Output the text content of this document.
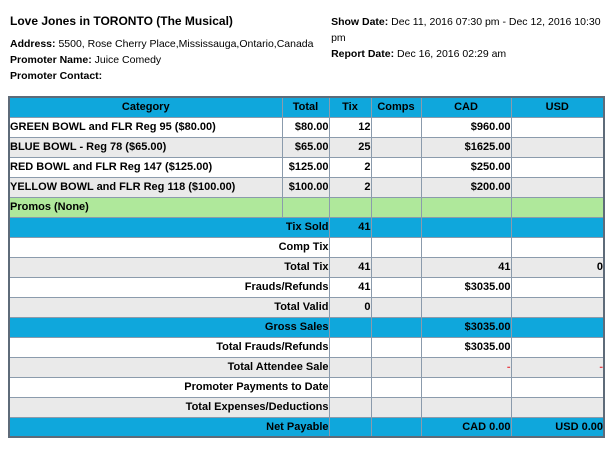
Love Jones in TORONTO (The Musical)
Address: 5500, Rose Cherry Place,Mississauga,Ontario,Canada
Promoter Name: Juice Comedy
Promoter Contact:
Show Date: Dec 11, 2016 07:30 pm - Dec 12, 2016 10:30 pm
Report Date: Dec 16, 2016 02:29 am
Category	Total	Tix	Comps	CAD	USD
GREEN BOWL and FLR Reg 95 ($80.00)	$80.00	12		$960.00	
BLUE BOWL - Reg 78 ($65.00)	$65.00	25		$1625.00	
RED BOWL and FLR Reg 147 ($125.00)	$125.00	2		$250.00	
YELLOW BOWL and FLR Reg 118 ($100.00)	$100.00	2		$200.00	
Promos (None)					
Tix Sold		41			
Comp Tix					
Total Tix		41		41	0
Frauds/Refunds		41		$3035.00	
Total Valid		0			
Gross Sales				$3035.00	
Total Frauds/Refunds				$3035.00	
Total Attendee Sale				-	-
Promoter Payments to Date					
Total Expenses/Deductions					
Net Payable				CAD 0.00	USD 0.00
